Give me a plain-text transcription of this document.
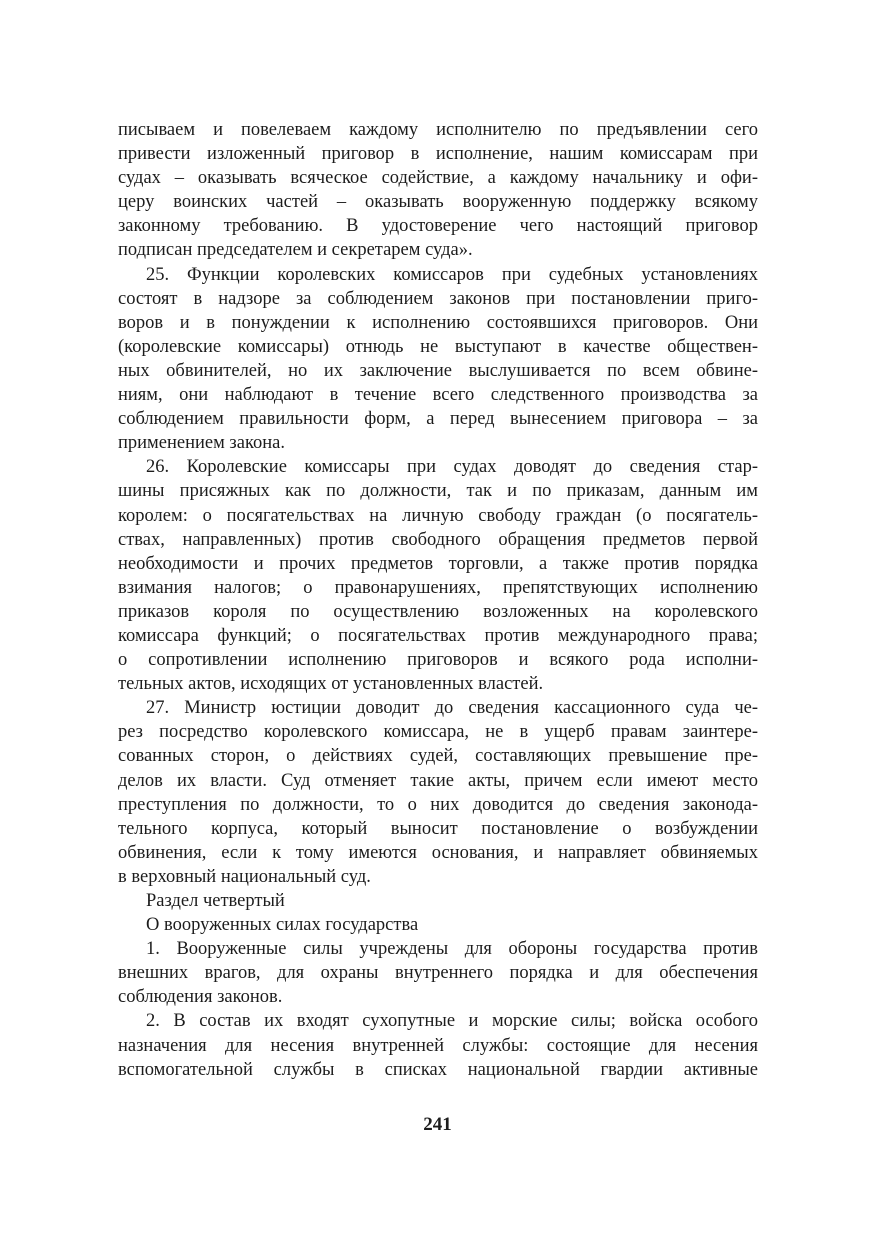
писываем и повелеваем каждому исполнителю по предъявлении сего
привести изложенный приговор в исполнение, нашим комиссарам при
судах – оказывать всяческое содействие, а каждому начальнику и офи-
церу воинских частей – оказывать вооруженную поддержку всякому
законному требованию. В удостоверение чего настоящий приговор
подписан председателем и секретарем суда».
25. Функции королевских комиссаров при судебных установлениях
состоят в надзоре за соблюдением законов при постановлении приго-
воров и в понуждении к исполнению состоявшихся приговоров. Они
(королевские комиссары) отнюдь не выступают в качестве обществен-
ных обвинителей, но их заключение выслушивается по всем обвине-
ниям, они наблюдают в течение всего следственного производства за
соблюдением правильности форм, а перед вынесением приговора – за
применением закона.
26. Королевские комиссары при судах доводят до сведения стар-
шины присяжных как по должности, так и по приказам, данным им
королем: о посягательствах на личную свободу граждан (о посягатель-
ствах, направленных) против свободного обращения предметов первой
необходимости и прочих предметов торговли, а также против порядка
взимания налогов; о правонарушениях, препятствующих исполнению
приказов короля по осуществлению возложенных на королевского
комиссара функций; о посягательствах против международного права;
о сопротивлении исполнению приговоров и всякого рода исполни-
тельных актов, исходящих от установленных властей.
27. Министр юстиции доводит до сведения кассационного суда че-
рез посредство королевского комиссара, не в ущерб правам заинтере-
сованных сторон, о действиях судей, составляющих превышение пре-
делов их власти. Суд отменяет такие акты, причем если имеют место
преступления по должности, то о них доводится до сведения законода-
тельного корпуса, который выносит постановление о возбуждении
обвинения, если к тому имеются основания, и направляет обвиняемых
в верховный национальный суд.
Раздел четвертый
О вооруженных силах государства
1. Вооруженные силы учреждены для обороны государства против
внешних врагов, для охраны внутреннего порядка и для обеспечения
соблюдения законов.
2. В состав их входят сухопутные и морские силы; войска особого
назначения для несения внутренней службы: состоящие для несения
вспомогательной службы в списках национальной гвардии активные
241
